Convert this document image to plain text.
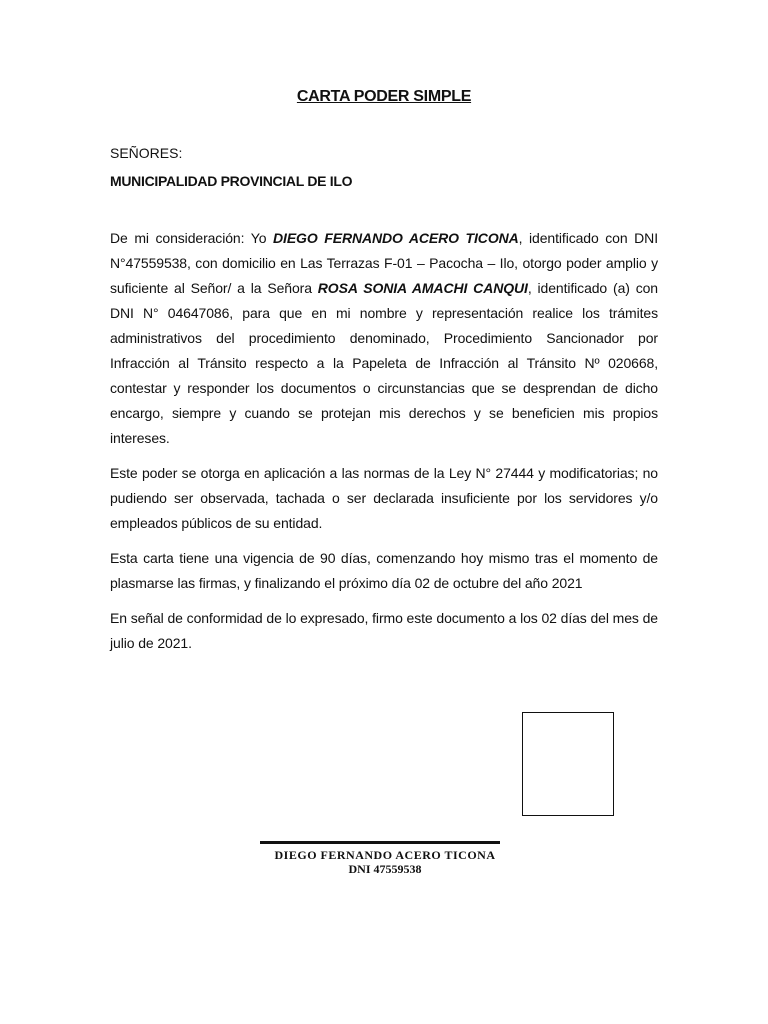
CARTA PODER SIMPLE
SEÑORES:
MUNICIPALIDAD PROVINCIAL DE ILO

De mi consideración: Yo DIEGO FERNANDO ACERO TICONA, identificado con DNI N°47559538, con domicilio en Las Terrazas F-01 – Pacocha – Ilo, otorgo poder amplio y suficiente al Señor/ a la Señora ROSA SONIA AMACHI CANQUI, identificado (a) con DNI N° 04647086, para que en mi nombre y representación realice los trámites administrativos del procedimiento denominado, Procedimiento Sancionador por Infracción al Tránsito respecto a la Papeleta de Infracción al Tránsito Nº 020668, contestar y responder los documentos o circunstancias que se desprendan de dicho encargo, siempre y cuando se protejan mis derechos y se beneficien mis propios intereses.

Este poder se otorga en aplicación a las normas de la Ley N° 27444 y modificatorias; no pudiendo ser observada, tachada o ser declarada insuficiente por los servidores y/o empleados públicos de su entidad.

Esta carta tiene una vigencia de 90 días, comenzando hoy mismo tras el momento de plasmarse las firmas, y finalizando el próximo día 02 de octubre del año 2021

En señal de conformidad de lo expresado, firmo este documento a los 02 días del mes de julio de 2021.

DIEGO FERNANDO ACERO TICONA
DNI 47559538
